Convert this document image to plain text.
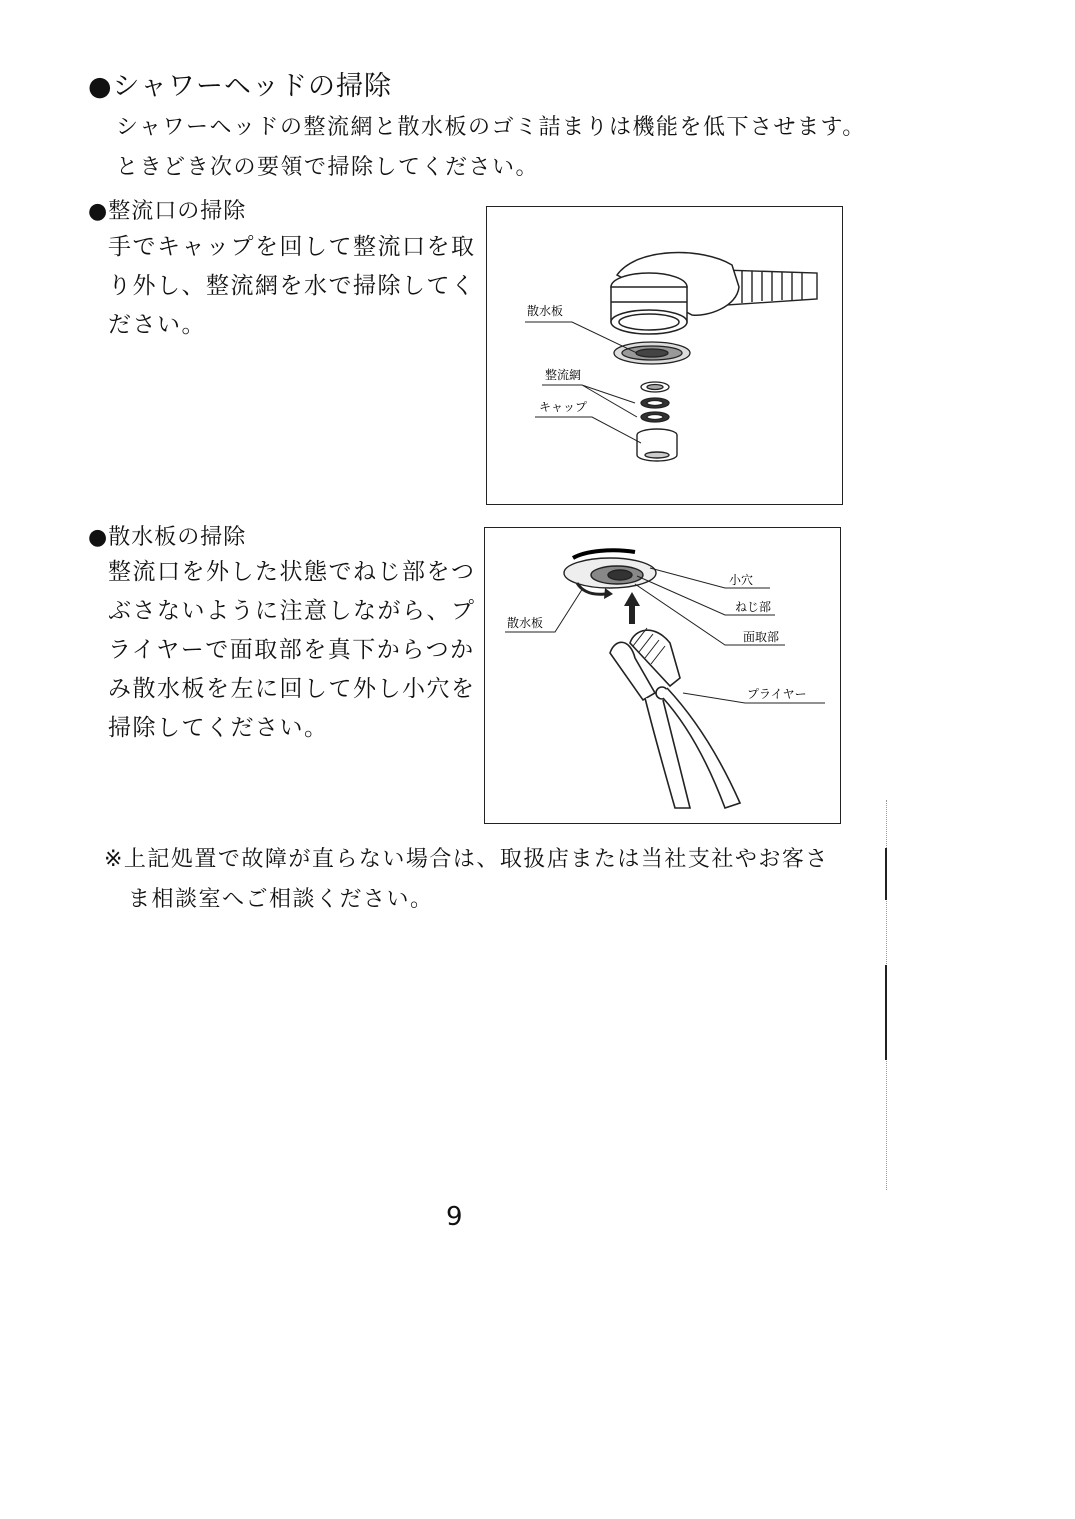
●シャワーヘッドの掃除
シャワーヘッドの整流網と散水板のゴミ詰まりは機能を低下させます。
ときどき次の要領で掃除してください。
●整流口の掃除
手でキャップを回して整流口を取
り外し、整流網を水で掃除してく
ださい。
散水板
整流網
キャップ
●散水板の掃除
整流口を外した状態でねじ部をつ
ぶさないように注意しながら、プ
ライヤーで面取部を真下からつか
み散水板を左に回して外し小穴を
掃除してください。
小穴
ねじ部
面取部
散水板
プライヤー
※上記処置で故障が直らない場合は、取扱店または当社支社やお客さ
ま相談室へご相談ください。
9
